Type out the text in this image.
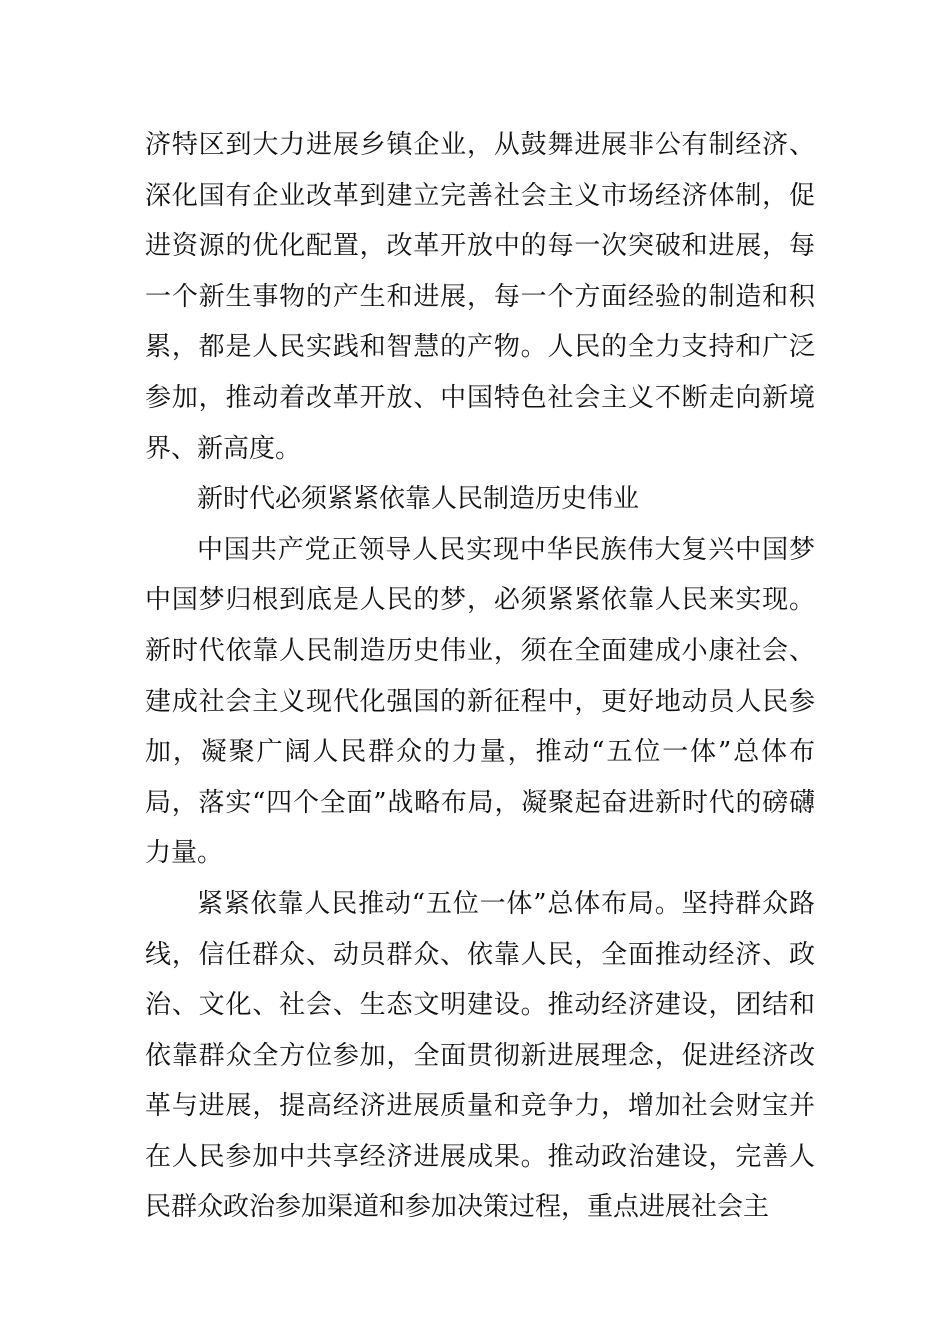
济特区到大力进展乡镇企业，从鼓舞进展非公有制经济、深化国有企业改革到建立完善社会主义市场经济体制，促进资源的优化配置，改革开放中的每一次突破和进展，每一个新生事物的产生和进展，每一个方面经验的制造和积累，都是人民实践和智慧的产物。人民的全力支持和广泛参加，推动着改革开放、中国特色社会主义不断走向新境界、新高度。

新时代必须紧紧依靠人民制造历史伟业

中国共产党正领导人民实现中华民族伟大复兴中国梦中国梦归根到底是人民的梦，必须紧紧依靠人民来实现。新时代依靠人民制造历史伟业，须在全面建成小康社会、建成社会主义现代化强国的新征程中，更好地动员人民参加，凝聚广阔人民群众的力量，推动“五位一体”总体布局，落实“四个全面”战略布局，凝聚起奋进新时代的磅礴力量。

紧紧依靠人民推动“五位一体”总体布局。坚持群众路线，信任群众、动员群众、依靠人民，全面推动经济、政治、文化、社会、生态文明建设。推动经济建设，团结和依靠群众全方位参加，全面贯彻新进展理念，促进经济改革与进展，提高经济进展质量和竞争力，增加社会财宝并在人民参加中共享经济进展成果。推动政治建设，完善人民群众政治参加渠道和参加决策过程，重点进展社会主
